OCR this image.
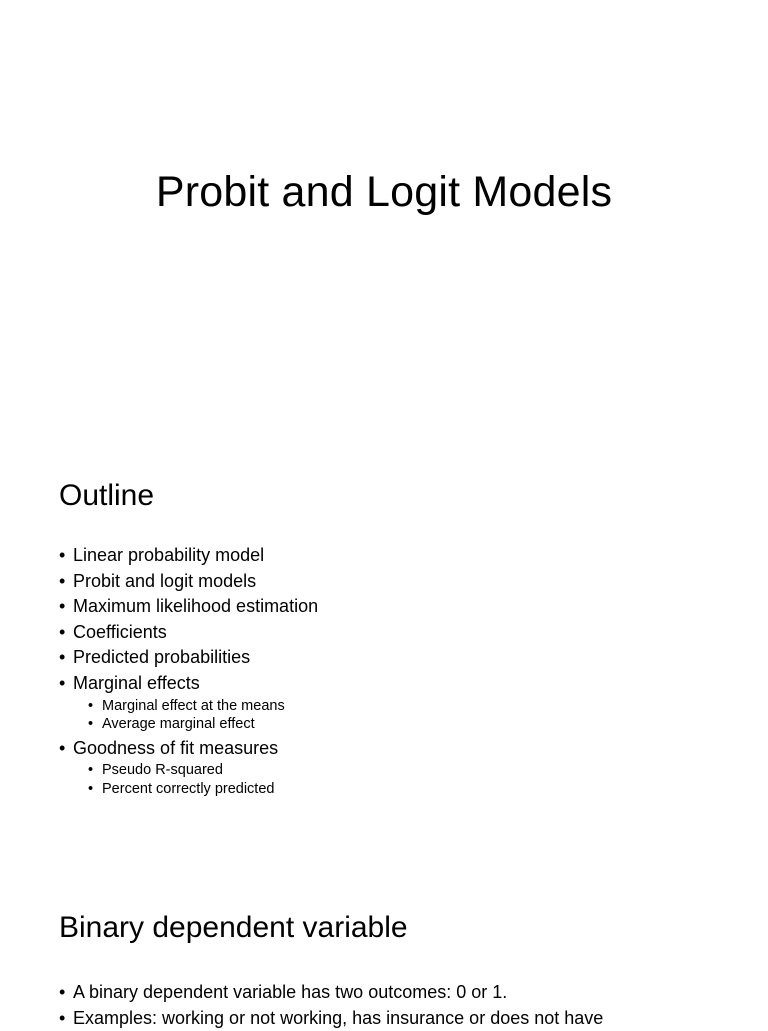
Probit and Logit Models
Outline
• Linear probability model
• Probit and logit models
• Maximum likelihood estimation
• Coefficients
• Predicted probabilities
• Marginal effects
• Marginal effect at the means
• Average marginal effect
• Goodness of fit measures
• Pseudo R-squared
• Percent correctly predicted
Binary dependent variable
• A binary dependent variable has two outcomes: 0 or 1.
• Examples: working or not working, has insurance or does not have
